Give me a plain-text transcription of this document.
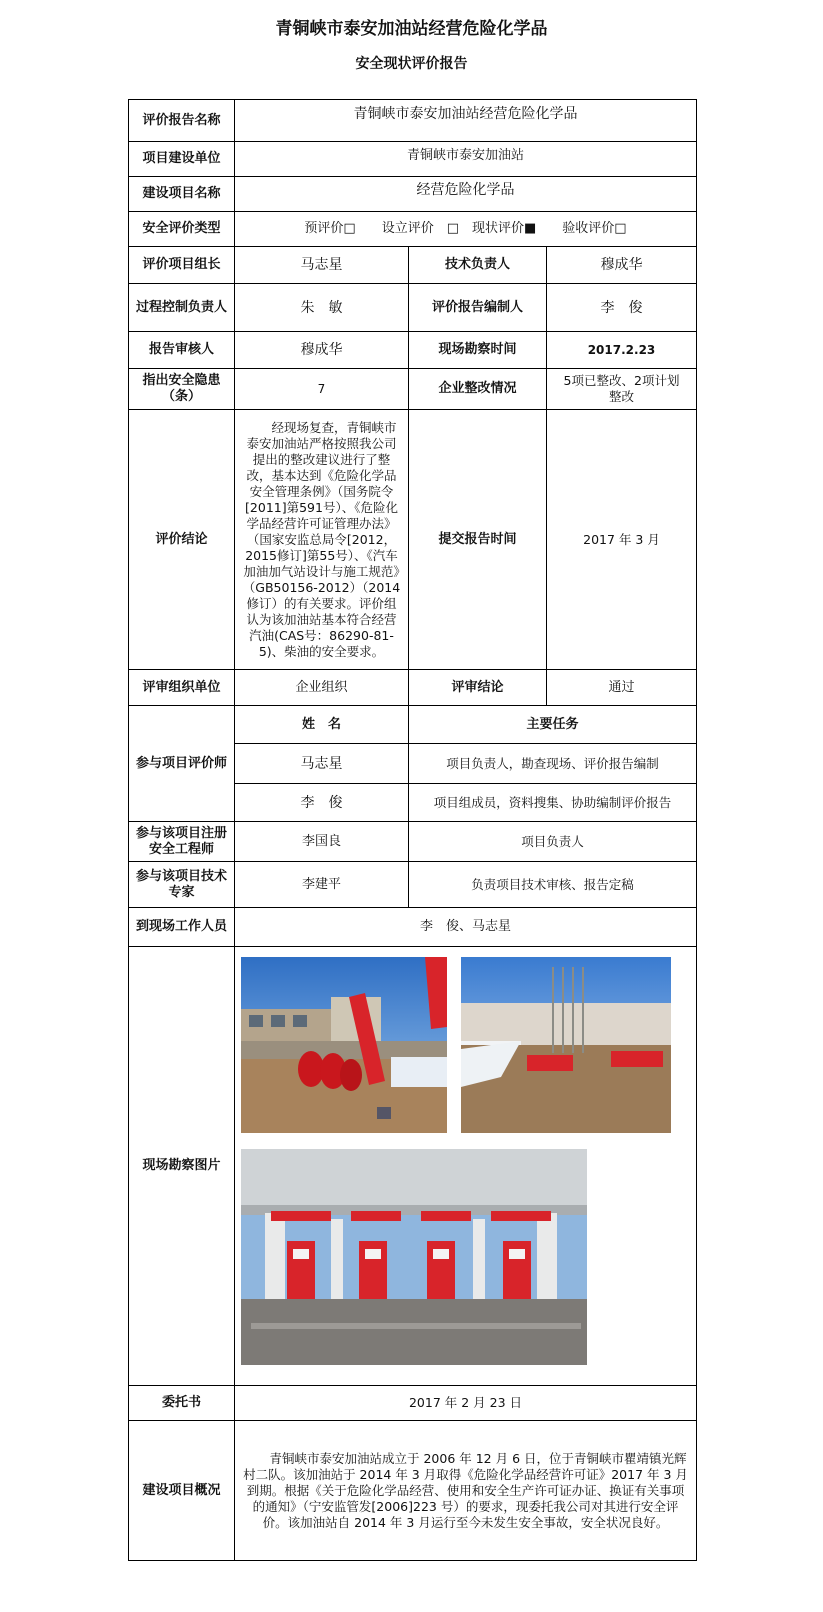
青铜峡市泰安加油站经营危险化学品
安全现状评价报告
评价报告名称	青铜峡市泰安加油站经营危险化学品		
项目建设单位	青铜峡市泰安加油站		
建设项目名称	经营危险化学品		
安全评价类型	预评价□　　设立评价　□　现状评价■　　验收评价□		
评价项目组长	马志星	技术负责人	穆成华
过程控制负责人	朱　敏	评价报告编制人	李　俊
报告审核人	穆成华	现场勘察时间	2017.2.23
指出安全隐患（条）	7	企业整改情况	5项已整改、2项计划整改
评价结论	　　经现场复查，青铜峡市泰安加油站严格按照我公司提出的整改建议进行了整改，基本达到《危险化学品安全管理条例》（国务院令[2011]第591号）、《危险化学品经营许可证管理办法》（国家安监总局令[2012，2015修订]第55号）、《汽车加油加气站设计与施工规范》（GB50156-2012）（2014修订）的有关要求。评价组认为该加油站基本符合经营汽油(CAS号：86290-81-5)、柴油的安全要求。	提交报告时间	2017 年 3 月
评审组织单位	企业组织	评审结论	通过
参与项目评价师	姓　名	主要任务	
	马志星	项目负责人，勘查现场、评价报告编制	
	李　俊	项目组成员，资料搜集、协助编制评价报告	
参与该项目注册安全工程师	李国良	项目负责人	
参与该项目技术专家	李建平	负责项目技术审核、报告定稿	
到现场工作人员	李　俊、马志星		
现场勘察图片	

委托书	2017 年 2 月 23 日		
建设项目概况	　　青铜峡市泰安加油站成立于 2006 年 12 月 6 日，位于青铜峡市瞿靖镇光辉村二队。该加油站于 2014 年 3 月取得《危险化学品经营许可证》2017 年 3 月到期。根据《关于危险化学品经营、使用和安全生产许可证办证、换证有关事项的通知》（宁安监管发[2006]223 号）的要求，现委托我公司对其进行安全评价。该加油站自 2014 年 3 月运行至今未发生安全事故，安全状况良好。		
